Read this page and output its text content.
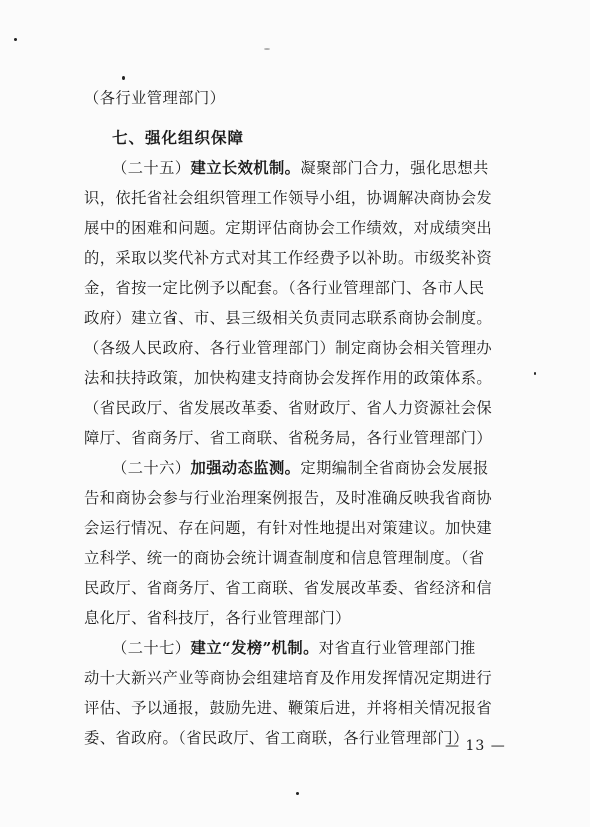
（各行业管理部门）
七、强化组织保障
（二十五）建立长效机制。凝聚部门合力，强化思想共
识，依托省社会组织管理工作领导小组，协调解决商协会发
展中的困难和问题。定期评估商协会工作绩效，对成绩突出
的，采取以奖代补方式对其工作经费予以补助。市级奖补资
金，省按一定比例予以配套。（各行业管理部门、各市人民
政府）建立省、市、县三级相关负责同志联系商协会制度。
（各级人民政府、各行业管理部门）制定商协会相关管理办
法和扶持政策，加快构建支持商协会发挥作用的政策体系。
（省民政厅、省发展改革委、省财政厅、省人力资源社会保
障厅、省商务厅、省工商联、省税务局，各行业管理部门）
（二十六）加强动态监测。定期编制全省商协会发展报
告和商协会参与行业治理案例报告，及时准确反映我省商协
会运行情况、存在问题，有针对性地提出对策建议。加快建
立科学、统一的商协会统计调查制度和信息管理制度。（省
民政厅、省商务厅、省工商联、省发展改革委、省经济和信
息化厅、省科技厅，各行业管理部门）
（二十七）建立“发榜”机制。对省直行业管理部门推
动十大新兴产业等商协会组建培育及作用发挥情况定期进行
评估、予以通报，鼓励先进、鞭策后进，并将相关情况报省
委、省政府。（省民政厅、省工商联，各行业管理部门）
— 13 —
